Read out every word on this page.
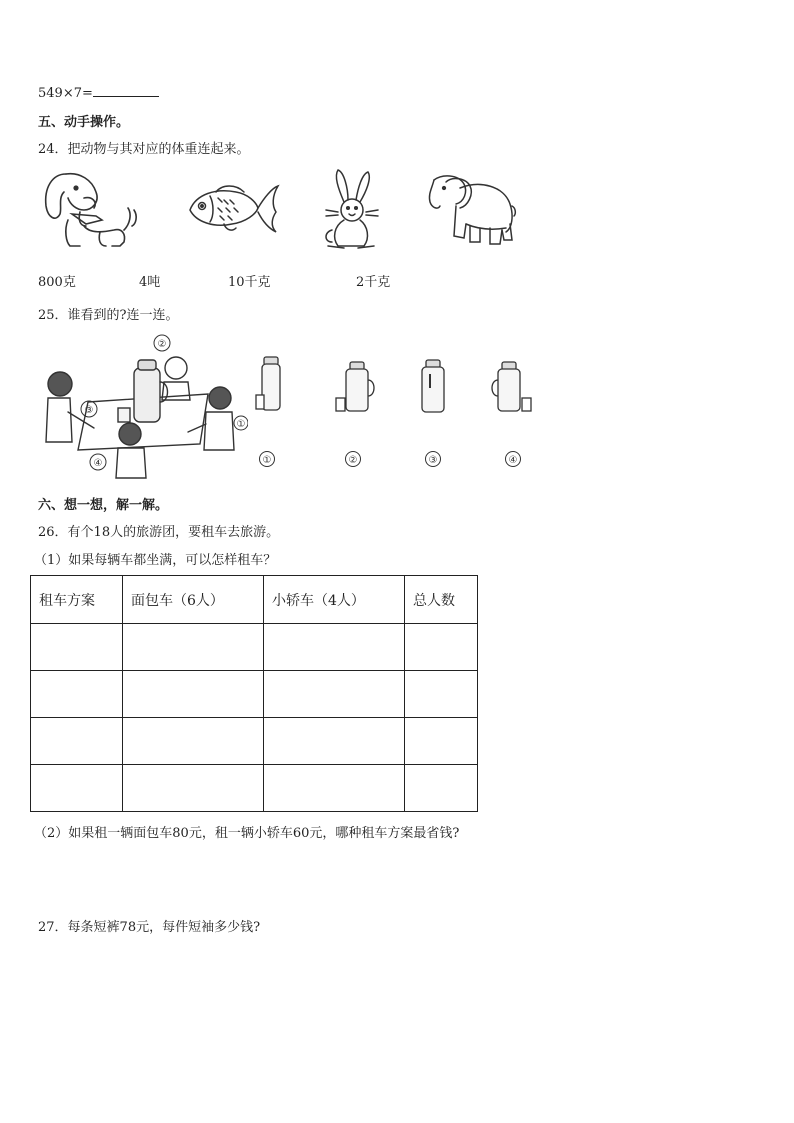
549×7=
五、动手操作。
24．把动物与其对应的体重连起来。
800克	4吨	10千克	2千克
25．谁看到的?连一连。
②
③
①
④	①	②	③	④
六、想一想，解一解。
26．有个18人的旅游团，要租车去旅游。
（1）如果每辆车都坐满，可以怎样租车？
租车方案	面包车（6人）	小轿车（4人）	总人数

（2）如果租一辆面包车80元，租一辆小轿车60元，哪种租车方案最省钱?
27．每条短裤78元，每件短袖多少钱?
